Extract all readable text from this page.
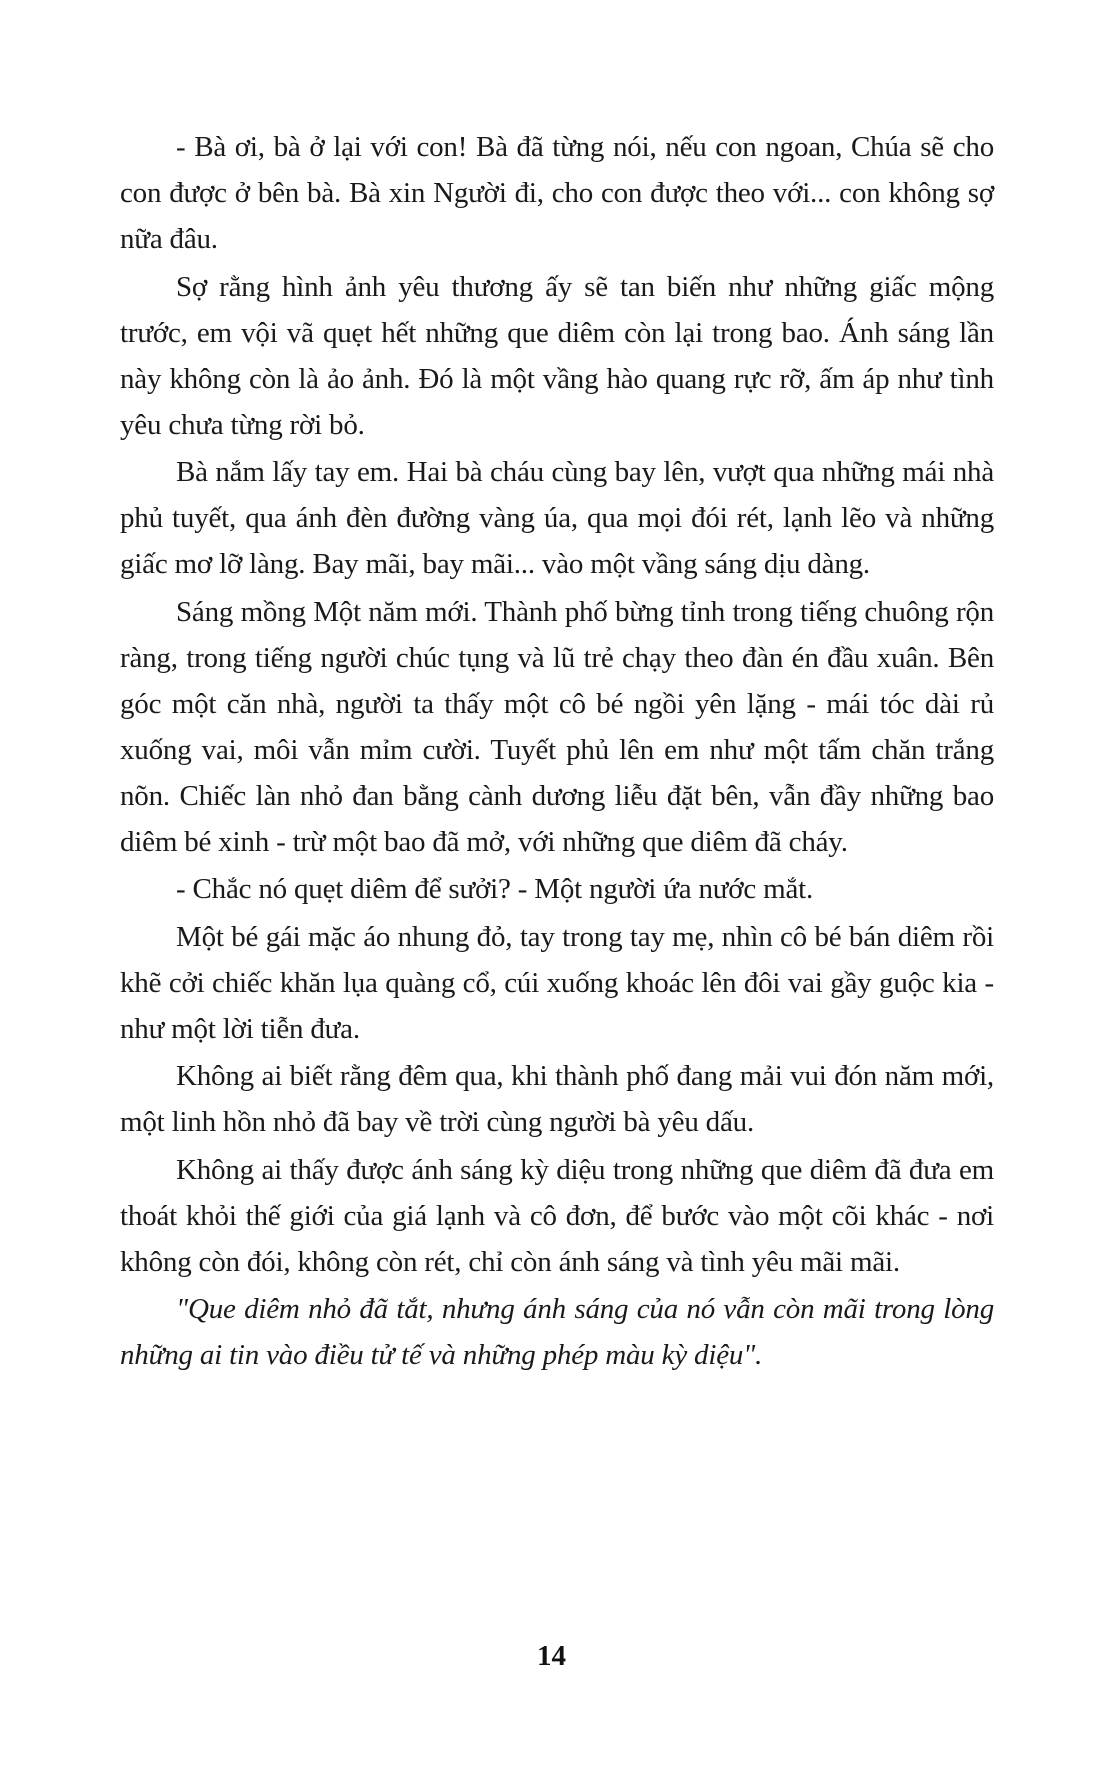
- Bà ơi, bà ở lại với con! Bà đã từng nói, nếu con ngoan, Chúa sẽ cho con được ở bên bà. Bà xin Người đi, cho con được theo với... con không sợ nữa đâu.

Sợ rằng hình ảnh yêu thương ấy sẽ tan biến như những giấc mộng trước, em vội vã quẹt hết những que diêm còn lại trong bao. Ánh sáng lần này không còn là ảo ảnh. Đó là một vầng hào quang rực rỡ, ấm áp như tình yêu chưa từng rời bỏ.

Bà nắm lấy tay em. Hai bà cháu cùng bay lên, vượt qua những mái nhà phủ tuyết, qua ánh đèn đường vàng úa, qua mọi đói rét, lạnh lẽo và những giấc mơ lỡ làng. Bay mãi, bay mãi... vào một vầng sáng dịu dàng.

Sáng mồng Một năm mới. Thành phố bừng tỉnh trong tiếng chuông rộn ràng, trong tiếng người chúc tụng và lũ trẻ chạy theo đàn én đầu xuân. Bên góc một căn nhà, người ta thấy một cô bé ngồi yên lặng - mái tóc dài rủ xuống vai, môi vẫn mỉm cười. Tuyết phủ lên em như một tấm chăn trắng nõn. Chiếc làn nhỏ đan bằng cành dương liễu đặt bên, vẫn đầy những bao diêm bé xinh - trừ một bao đã mở, với những que diêm đã cháy.

- Chắc nó quẹt diêm để sưởi? - Một người ứa nước mắt.

Một bé gái mặc áo nhung đỏ, tay trong tay mẹ, nhìn cô bé bán diêm rồi khẽ cởi chiếc khăn lụa quàng cổ, cúi xuống khoác lên đôi vai gầy guộc kia - như một lời tiễn đưa.

Không ai biết rằng đêm qua, khi thành phố đang mải vui đón năm mới, một linh hồn nhỏ đã bay về trời cùng người bà yêu dấu.

Không ai thấy được ánh sáng kỳ diệu trong những que diêm đã đưa em thoát khỏi thế giới của giá lạnh và cô đơn, để bước vào một cõi khác - nơi không còn đói, không còn rét, chỉ còn ánh sáng và tình yêu mãi mãi.

"Que diêm nhỏ đã tắt, nhưng ánh sáng của nó vẫn còn mãi trong lòng những ai tin vào điều tử tế và những phép màu kỳ diệu".

14
